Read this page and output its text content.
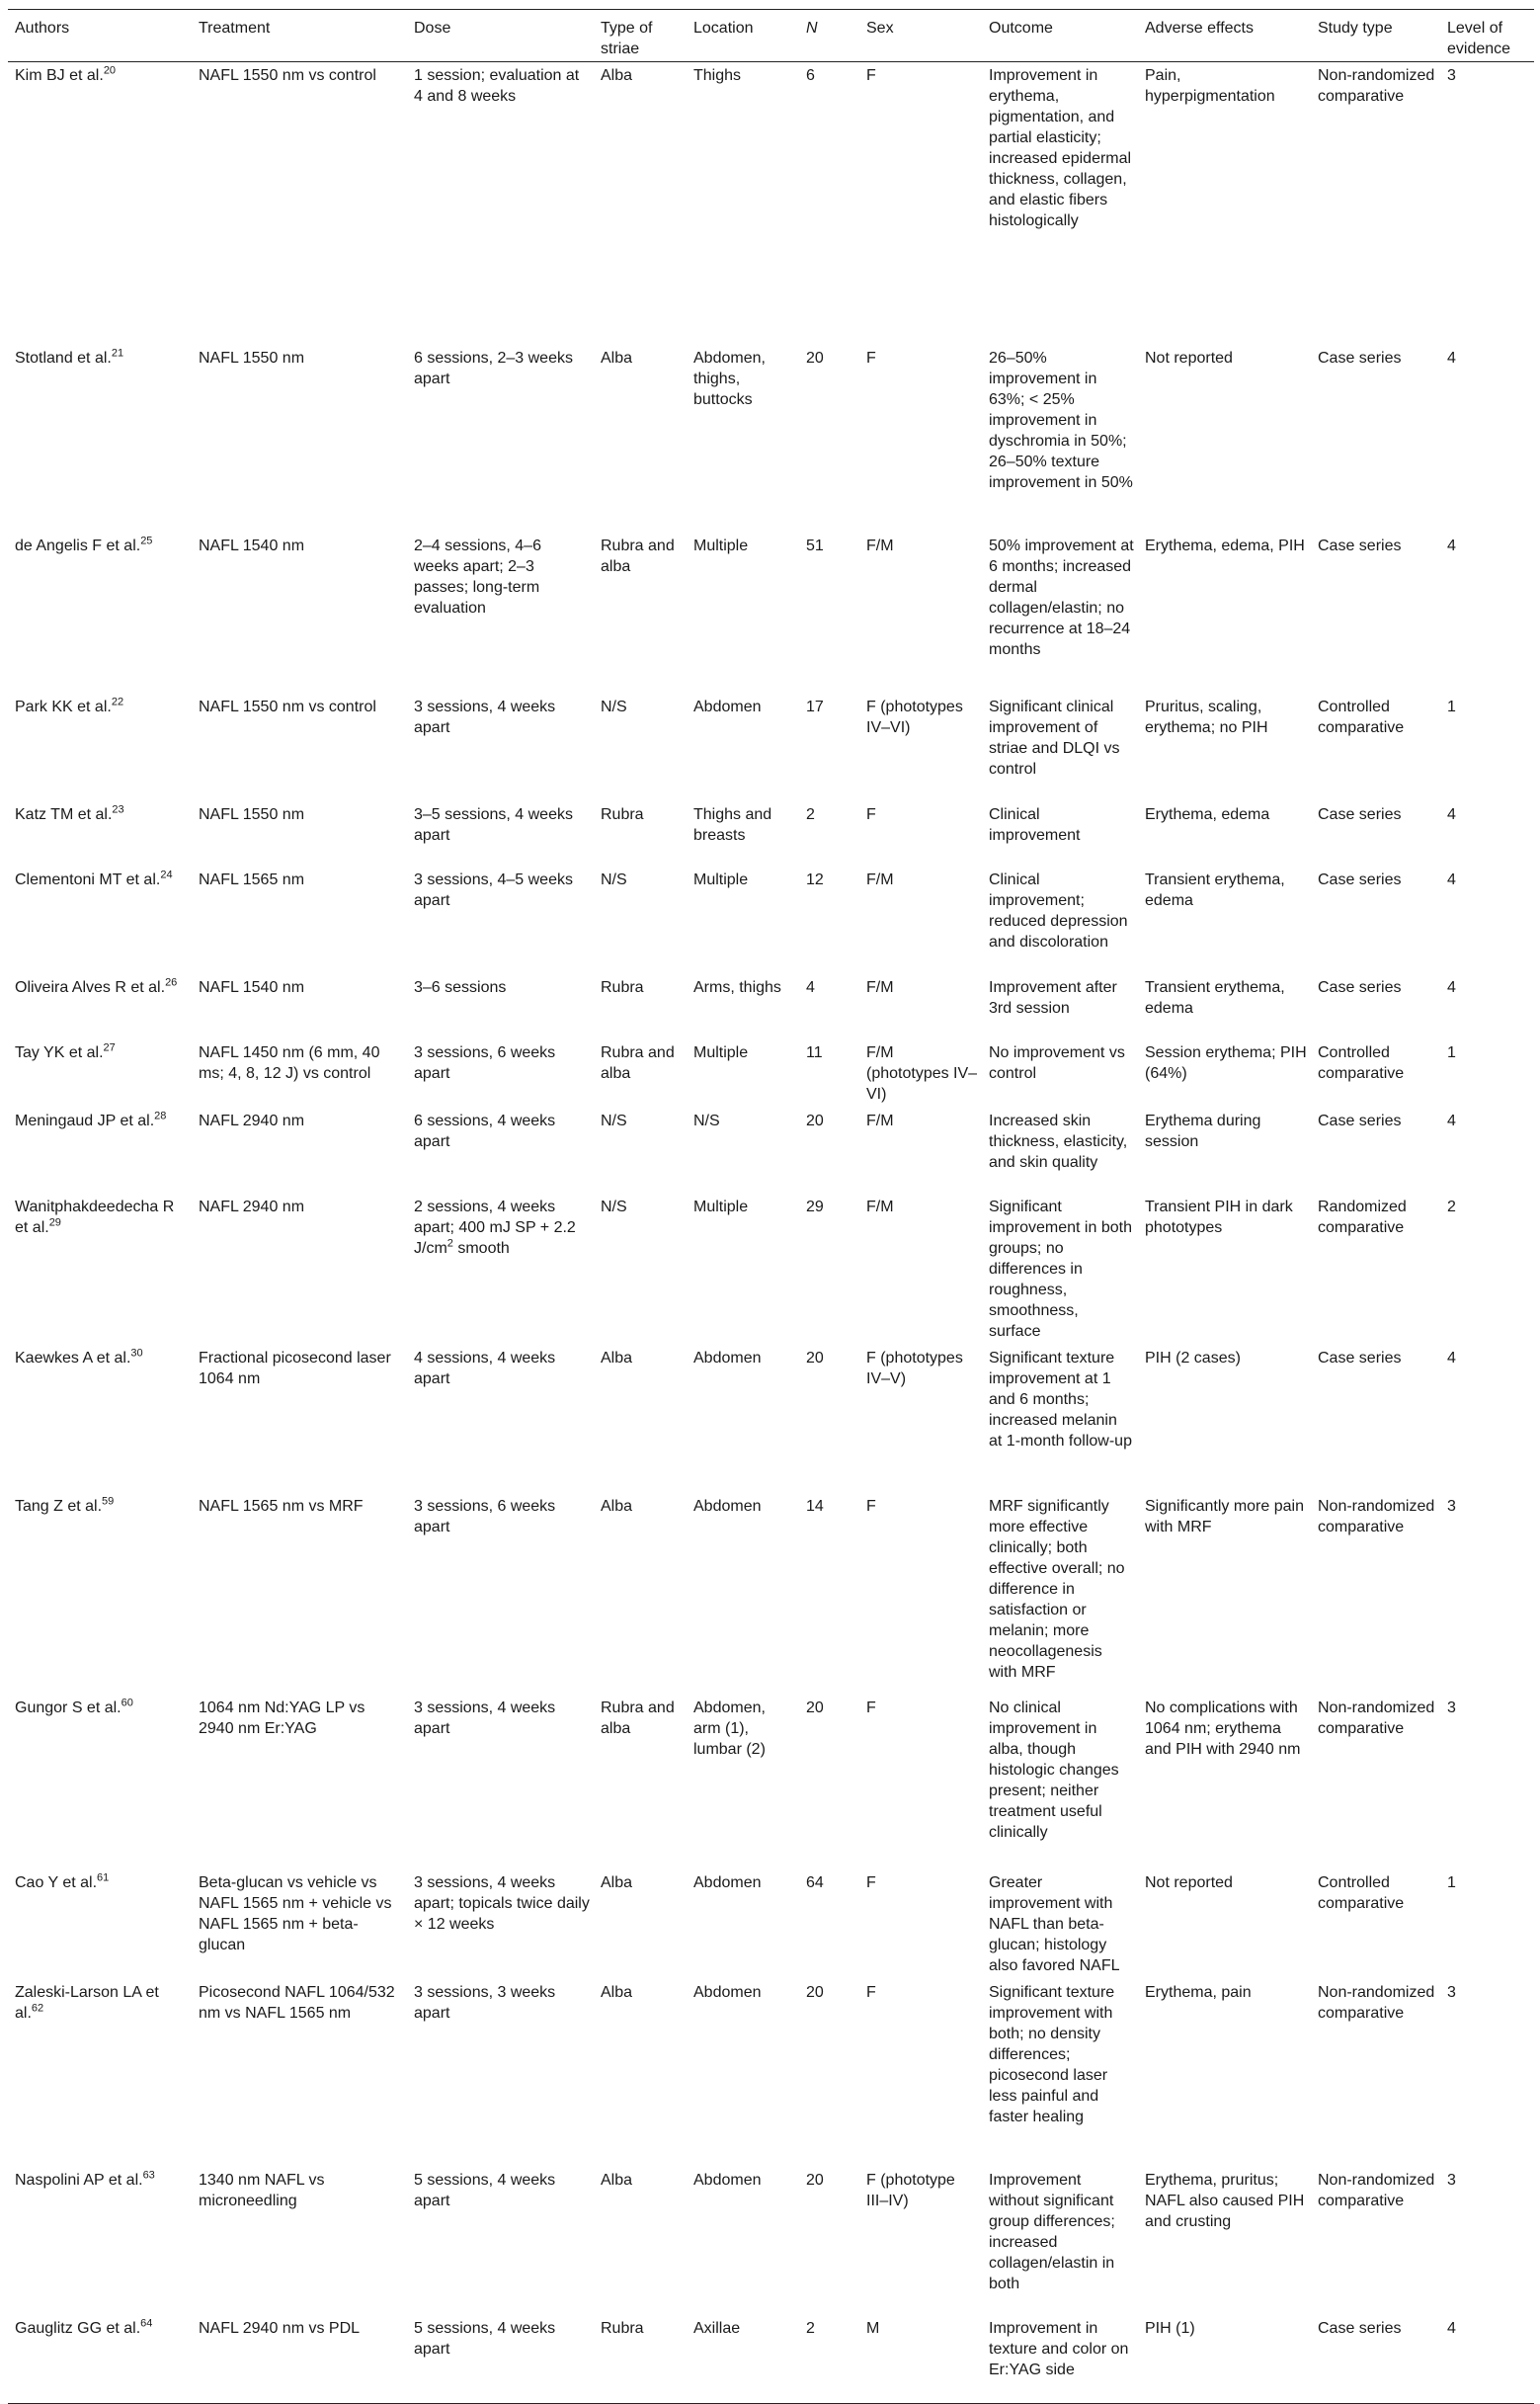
Authors	Treatment	Dose	Type of striae	Location	N	Sex	Outcome	Adverse effects	Study type	Level of evidence
Kim BJ et al.$^{20}$	NAFL 1550 nm vs control	1 session; evaluation at 4 and 8 weeks	Alba	Thighs	6	F	Improvement in erythema, pigmentation, and partial elasticity; increased epidermal thickness, collagen, and elastic fibers histologically	Pain, hyperpigmentation	Non-randomized comparative	3
Stotland et al.$^{21}$	NAFL 1550 nm	6 sessions, 2–3 weeks apart	Alba	Abdomen, thighs, buttocks	20	F	26–50% improvement in 63%; < 25% improvement in dyschromia in 50%; 26–50% texture improvement in 50%	Not reported	Case series	4
de Angelis F et al.$^{25}$	NAFL 1540 nm	2–4 sessions, 4–6 weeks apart; 2–3 passes; long-term evaluation	Rubra and alba	Multiple	51	F/M	50% improvement at 6 months; increased dermal collagen/elastin; no recurrence at 18–24 months	Erythema, edema, PIH	Case series	4
Park KK et al.$^{22}$	NAFL 1550 nm vs control	3 sessions, 4 weeks apart	N/S	Abdomen	17	F (phototypes IV–VI)	Significant clinical improvement of striae and DLQI vs control	Pruritus, scaling, erythema; no PIH	Controlled comparative	1
Katz TM et al.$^{23}$	NAFL 1550 nm	3–5 sessions, 4 weeks apart	Rubra	Thighs and breasts	2	F	Clinical improvement	Erythema, edema	Case series	4
Clementoni MT et al.$^{24}$	NAFL 1565 nm	3 sessions, 4–5 weeks apart	N/S	Multiple	12	F/M	Clinical improvement; reduced depression and discoloration	Transient erythema, edema	Case series	4
Oliveira Alves R et al.$^{26}$	NAFL 1540 nm	3–6 sessions	Rubra	Arms, thighs	4	F/M	Improvement after 3rd session	Transient erythema, edema	Case series	4
Tay YK et al.$^{27}$	NAFL 1450 nm (6 mm, 40 ms; 4, 8, 12 J) vs control	3 sessions, 6 weeks apart	Rubra and alba	Multiple	11	F/M (phototypes IV–VI)	No improvement vs control	Session erythema; PIH (64%)	Controlled comparative	1
Meningaud JP et al.$^{28}$	NAFL 2940 nm	6 sessions, 4 weeks apart	N/S	N/S	20	F/M	Increased skin thickness, elasticity, and skin quality	Erythema during session	Case series	4
Wanitphakdeedecha R et al.$^{29}$	NAFL 2940 nm	2 sessions, 4 weeks apart; 400 mJ SP + 2.2 $J/cm^2$ smooth	N/S	Multiple	29	F/M	Significant improvement in both groups; no differences in roughness, smoothness, surface	Transient PIH in dark phototypes	Randomized comparative	2
Kaewkes A et al.$^{30}$	Fractional picosecond laser 1064 nm	4 sessions, 4 weeks apart	Alba	Abdomen	20	F (phototypes IV–V)	Significant texture improvement at 1 and 6 months; increased melanin at 1-month follow-up	PIH (2 cases)	Case series	4
Tang Z et al.$^{59}$	NAFL 1565 nm vs MRF	3 sessions, 6 weeks apart	Alba	Abdomen	14	F	MRF significantly more effective clinically; both effective overall; no difference in satisfaction or melanin; more neocollagenesis with MRF	Significantly more pain with MRF	Non-randomized comparative	3
Gungor S et al.$^{60}$	1064 nm Nd:YAG LP vs 2940 nm Er:YAG	3 sessions, 4 weeks apart	Rubra and alba	Abdomen, arm (1), lumbar (2)	20	F	No clinical improvement in alba, though histologic changes present; neither treatment useful clinically	No complications with 1064 nm; erythema and PIH with 2940 nm	Non-randomized comparative	3
Cao Y et al.$^{61}$	Beta-glucan vs vehicle vs NAFL 1565 nm + vehicle vs NAFL 1565 nm + beta-glucan	3 sessions, 4 weeks apart; topicals twice daily × 12 weeks	Alba	Abdomen	64	F	Greater improvement with NAFL than beta-glucan; histology also favored NAFL	Not reported	Controlled comparative	1
Zaleski-Larson LA et al.$^{62}$	Picosecond NAFL 1064/532 nm vs NAFL 1565 nm	3 sessions, 3 weeks apart	Alba	Abdomen	20	F	Significant texture improvement with both; no density differences; picosecond laser less painful and faster healing	Erythema, pain	Non-randomized comparative	3
Naspolini AP et al.$^{63}$	1340 nm NAFL vs microneedling	5 sessions, 4 weeks apart	Alba	Abdomen	20	F (phototype III–IV)	Improvement without significant group differences; increased collagen/elastin in both	Erythema, pruritus; NAFL also caused PIH and crusting	Non-randomized comparative	3
Gauglitz GG et al.$^{64}$	NAFL 2940 nm vs PDL	5 sessions, 4 weeks apart	Rubra	Axillae	2	M	Improvement in texture and color on Er:YAG side	PIH (1)	Case series	4
